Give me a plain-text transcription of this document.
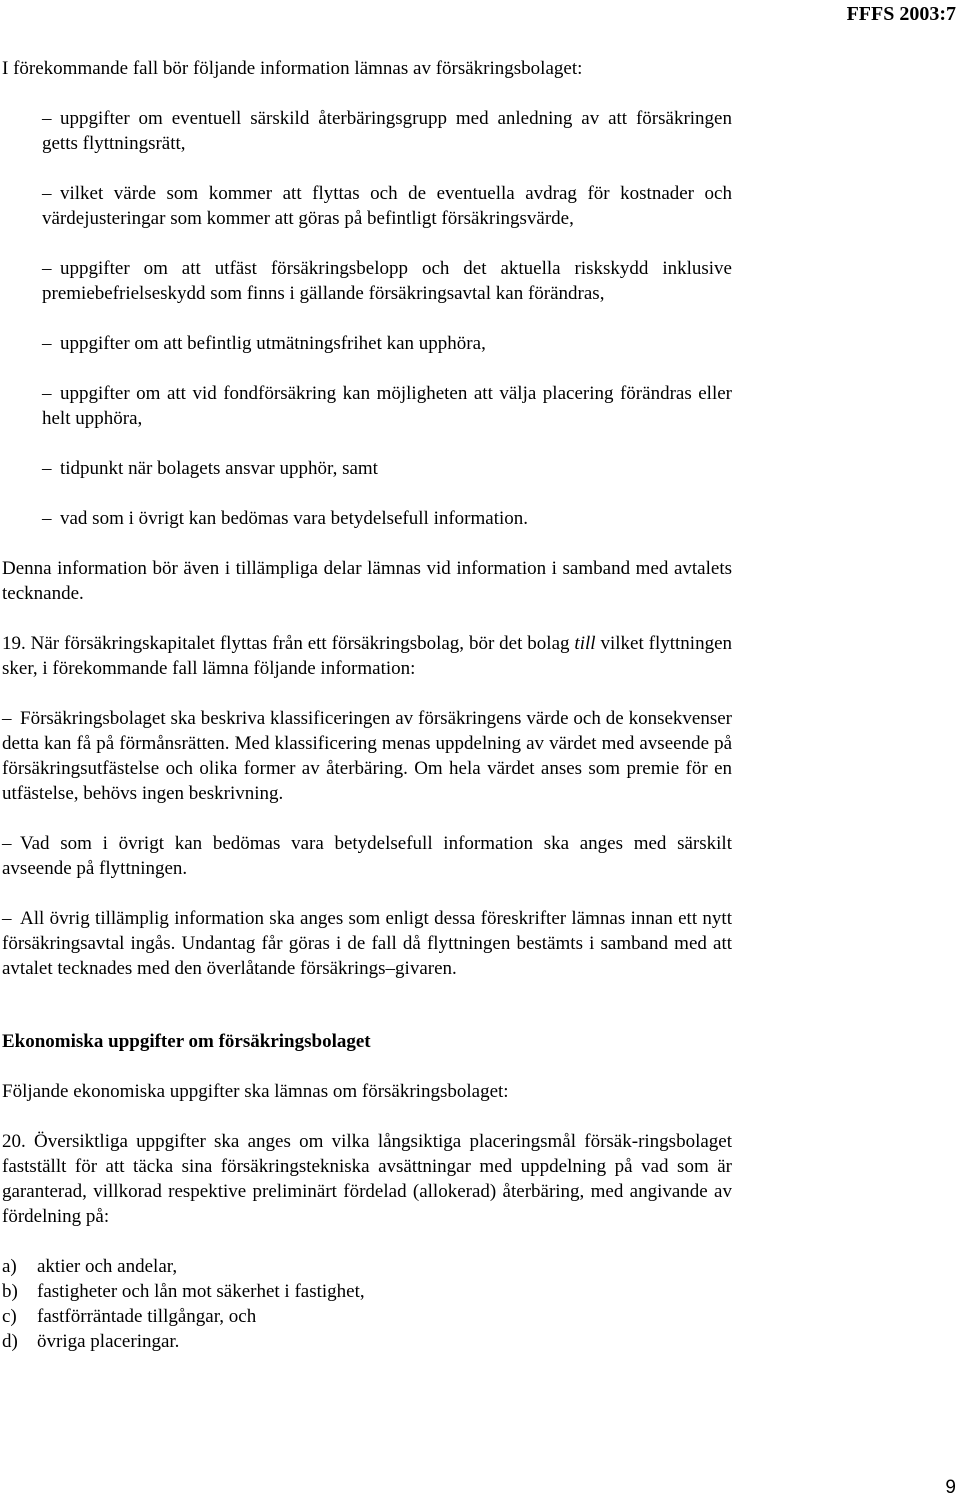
FFFS 2003:7

I förekommande fall bör följande information lämnas av försäkringsbolaget:

– uppgifter om eventuell särskild återbäringsgrupp med anledning av att försäkringen getts flyttningsrätt,

– vilket värde som kommer att flyttas och de eventuella avdrag för kostnader och värdejusteringar som kommer att göras på befintligt försäkringsvärde,

– uppgifter om att utfäst försäkringsbelopp och det aktuella riskskydd inklusive premiebefrielseskydd som finns i gällande försäkringsavtal kan förändras,

– uppgifter om att befintlig utmätningsfrihet kan upphöra,

– uppgifter om att vid fondförsäkring kan möjligheten att välja placering förändras eller helt upphöra,

– tidpunkt när bolagets ansvar upphör, samt

– vad som i övrigt kan bedömas vara betydelsefull information.

Denna information bör även i tillämpliga delar lämnas vid information i samband med avtalets tecknande.

19. När försäkringskapitalet flyttas från ett försäkringsbolag, bör det bolag till vilket flyttningen sker, i förekommande fall lämna följande information:

– Försäkringsbolaget ska beskriva klassificeringen av försäkringens värde och de konsekvenser detta kan få på förmånsrätten. Med klassificering menas uppdelning av värdet med avseende på försäkringsutfästelse och olika former av återbäring. Om hela värdet anses som premie för en utfästelse, behövs ingen beskrivning.

– Vad som i övrigt kan bedömas vara betydelsefull information ska anges med särskilt avseende på flyttningen.

– All övrig tillämplig information ska anges som enligt dessa föreskrifter lämnas innan ett nytt försäkringsavtal ingås. Undantag får göras i de fall då flyttningen bestämts i samband med att avtalet tecknades med den överlåtande försäkrings–givaren.

Ekonomiska uppgifter om försäkringsbolaget

Följande ekonomiska uppgifter ska lämnas om försäkringsbolaget:

20. Översiktliga uppgifter ska anges om vilka långsiktiga placeringsmål försäk-ringsbolaget fastställt för att täcka sina försäkringstekniska avsättningar med uppdelning på vad som är garanterad, villkorad respektive preliminärt fördelad (allokerad) återbäring, med angivande av fördelning på:

a) aktier och andelar,
b) fastigheter och lån mot säkerhet i fastighet,
c) fastförräntade tillgångar, och
d) övriga placeringar.
9
